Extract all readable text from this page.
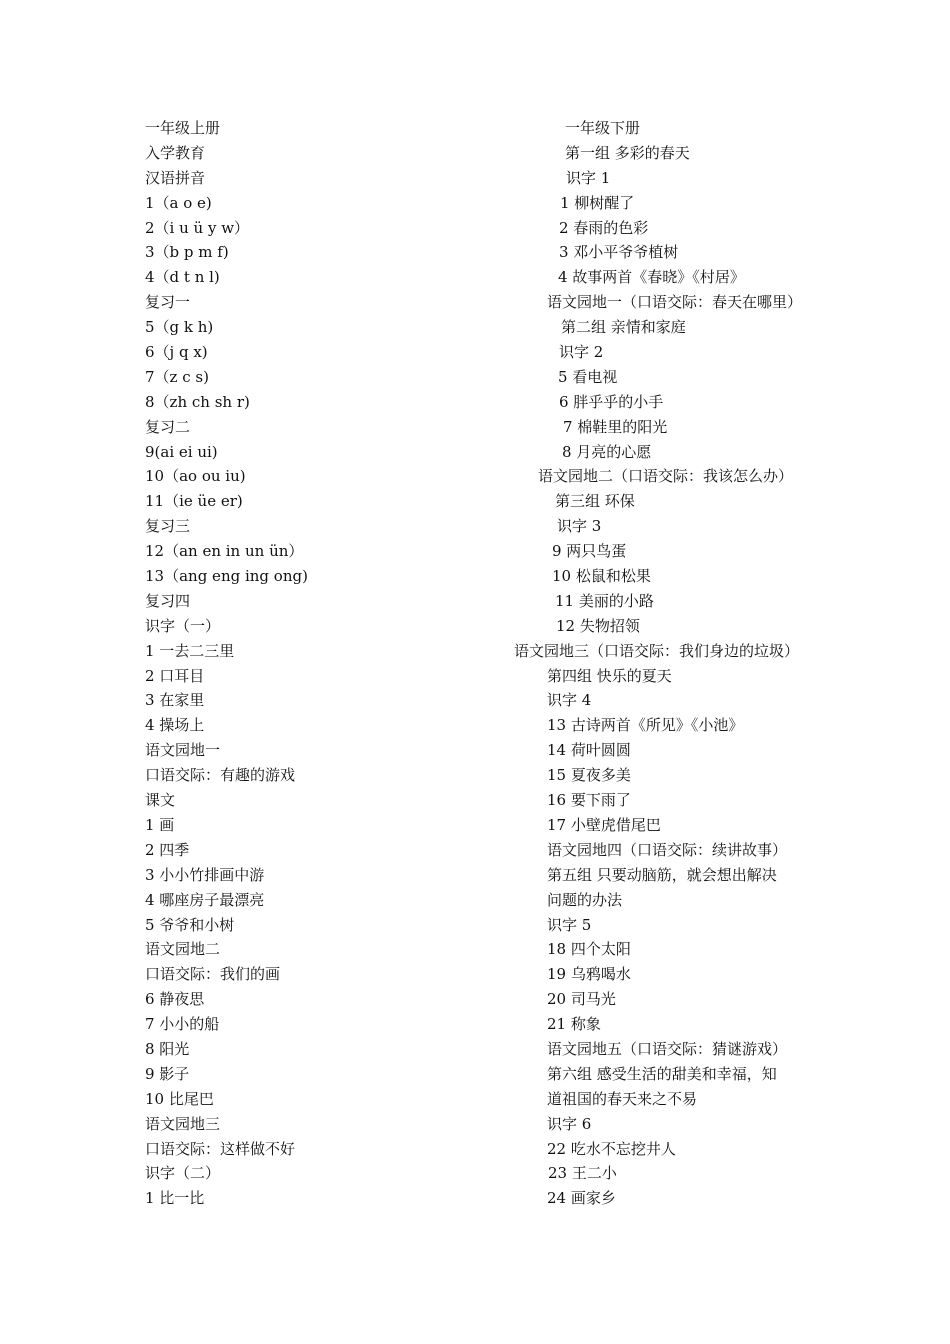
一年级上册
入学教育
汉语拼音
1（a o e)
2（i u ü y w）
3（b p m f)
4（d t n l)
复习一
5（g k h)
6（j q x)
7（z c s)
8（zh ch sh r)
复习二
9(ai ei ui)
10（ao ou iu)
11（ie üe er)
复习三
12（an en in un ün）
13（ang eng ing ong)
复习四
识字（一）
1 一去二三里
2 口耳目
3 在家里
4 操场上
语文园地一
口语交际：有趣的游戏
课文
1 画
2 四季
3 小小竹排画中游
4 哪座房子最漂亮
5 爷爷和小树
语文园地二
口语交际：我们的画
6 静夜思
7 小小的船
8 阳光
9 影子
10 比尾巴
语文园地三
口语交际：这样做不好
识字（二）
1 比一比
一年级下册
第一组 多彩的春天
识字 1
1 柳树醒了
2 春雨的色彩
3 邓小平爷爷植树
4 故事两首《春晓》《村居》
语文园地一（口语交际：春天在哪里）
第二组 亲情和家庭
识字 2
5 看电视
6 胖乎乎的小手
7 棉鞋里的阳光
8 月亮的心愿
语文园地二（口语交际：我该怎么办）
第三组 环保
识字 3
9 两只鸟蛋
10 松鼠和松果
11 美丽的小路
12 失物招领
语文园地三（口语交际：我们身边的垃圾）
第四组 快乐的夏天
识字 4
13 古诗两首《所见》《小池》
14 荷叶圆圆
15 夏夜多美
16 要下雨了
17 小壁虎借尾巴
语文园地四（口语交际：续讲故事）
第五组 只要动脑筋，就会想出解决
问题的办法
识字 5
18 四个太阳
19 乌鸦喝水
20 司马光
21 称象
语文园地五（口语交际：猜谜游戏）
第六组 感受生活的甜美和幸福，知
道祖国的春天来之不易
识字 6
22 吃水不忘挖井人
23 王二小
24 画家乡
